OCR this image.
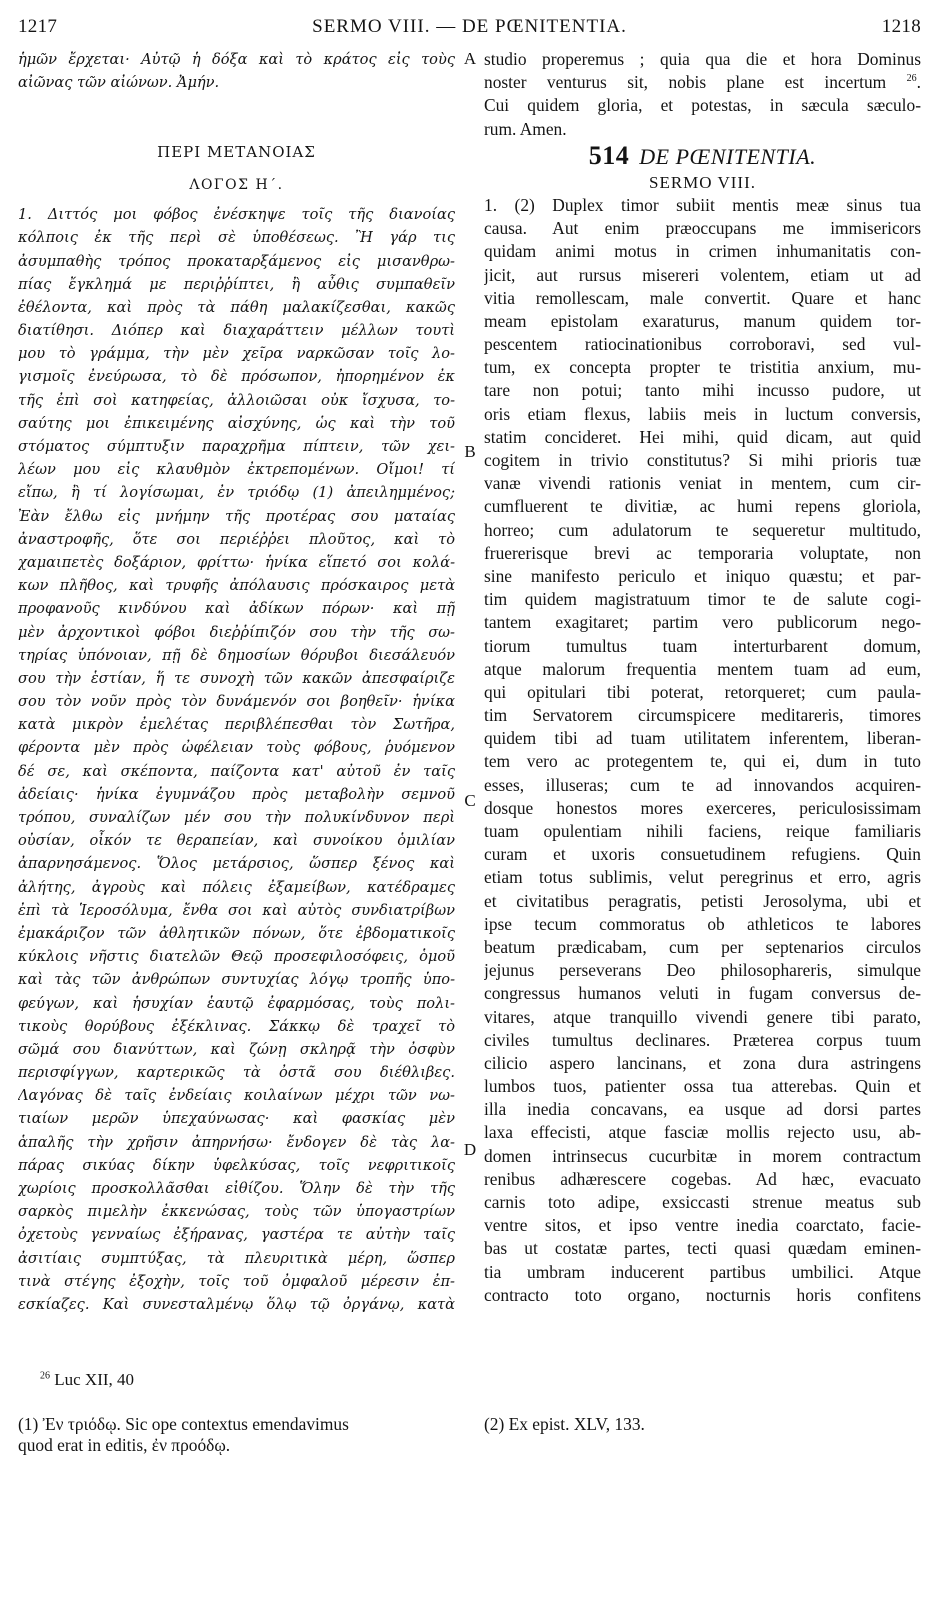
1217	SERMO VIII. — DE PŒNITENTIA.	1218
A
B
C
D
ἡμῶν ἔρχεται· Αὐτῷ ἡ δόξα καὶ τὸ κράτος εἰς τοὺς
αἰῶνας τῶν αἰώνων. Ἀμήν.
ΠΕΡΙ ΜΕΤΑΝΟΙΑΣ
ΛΟΓΟΣ Η΄.
1. Διττός μοι φόβος ἐνέσκηψε τοῖς τῆς διανοίας
κόλποις ἐκ τῆς περὶ σὲ ὑποθέσεως. Ἢ γάρ τις
ἀσυμπαθὴς τρόπος προκαταρξάμενος εἰς μισανθρω-
πίας ἔγκλημά με περιῤῥίπτει, ἢ αὖθις συμπαθεῖν
ἐθέλοντα, καὶ πρὸς τὰ πάθη μαλακίζεσθαι, κακῶς
διατίθησι. Διόπερ καὶ διαχαράττειν μέλλων τουτὶ
μου τὸ γράμμα, τὴν μὲν χεῖρα ναρκῶσαν τοῖς λο-
γισμοῖς ἐνεύρωσα, τὸ δὲ πρόσωπον, ἠπορημένον ἐκ
τῆς ἐπὶ σοὶ κατηφείας, ἀλλοιῶσαι οὐκ ἴσχυσα, το-
σαύτης μοι ἐπικειμένης αἰσχύνης, ὡς καὶ τὴν τοῦ
στόματος σύμπτυξιν παραχρῆμα πίπτειν, τῶν χει-
λέων μου εἰς κλαυθμὸν ἐκτρεπομένων. Οἴμοι! τί
εἴπω, ἢ τί λογίσωμαι, ἐν τριόδῳ (1) ἀπειλημμένος;
Ἐὰν ἔλθω εἰς μνήμην τῆς προτέρας σου ματαίας
ἀναστροφῆς, ὅτε σοι περιέῤῥει πλοῦτος, καὶ τὸ
χαμαιπετὲς δοξάριον, φρίττω· ἡνίκα εἵπετό σοι κολά-
κων πλῆθος, καὶ τρυφῆς ἀπόλαυσις πρόσκαιρος μετὰ
προφανοῦς κινδύνου καὶ ἀδίκων πόρων· καὶ πῇ
μὲν ἀρχοντικοὶ φόβοι διεῤῥίπιζόν σου τὴν τῆς σω-
τηρίας ὑπόνοιαν, πῇ δὲ δημοσίων θόρυβοι διεσάλευόν
σου τὴν ἑστίαν, ἥ τε συνοχὴ τῶν κακῶν ἀπεσφαίριζε
σου τὸν νοῦν πρὸς τὸν δυνάμενόν σοι βοηθεῖν· ἡνίκα
κατὰ μικρὸν ἐμελέτας περιβλέπεσθαι τὸν Σωτῆρα,
φέροντα μὲν πρὸς ὠφέλειαν τοὺς φόβους, ῥυόμενον
δέ σε, καὶ σκέποντα, παίζοντα κατ' αὐτοῦ ἐν ταῖς
ἀδείαις· ἡνίκα ἐγυμνάζου πρὸς μεταβολὴν σεμνοῦ
τρόπου, συναλίζων μέν σου τὴν πολυκίνδυνον περὶ
οὐσίαν, οἶκόν τε θεραπείαν, καὶ συνοίκου ὁμιλίαν
ἀπαρνησάμενος. Ὅλος μετάρσιος, ὥσπερ ξένος καὶ
ἀλήτης, ἀγροὺς καὶ πόλεις ἐξαμείβων, κατέδραμες
ἐπὶ τὰ Ἱεροσόλυμα, ἔνθα σοι καὶ αὐτὸς συνδιατρίβων
ἐμακάριζον τῶν ἀθλητικῶν πόνων, ὅτε ἑβδοματικοῖς
κύκλοις νῆστις διατελῶν Θεῷ προσεφιλοσόφεις, ὁμοῦ
καὶ τὰς τῶν ἀνθρώπων συντυχίας λόγῳ τροπῆς ὑπο-
φεύγων, καὶ ἡσυχίαν ἑαυτῷ ἐφαρμόσας, τοὺς πολι-
τικοὺς θορύβους ἐξέκλινας. Σάκκῳ δὲ τραχεῖ τὸ
σῶμά σου διανύττων, καὶ ζώνῃ σκληρᾷ τὴν ὀσφὺν
περισφίγγων, καρτερικῶς τὰ ὀστᾶ σου διέθλιβες.
Λαγόνας δὲ ταῖς ἐνδείαις κοιλαίνων μέχρι τῶν νω-
τιαίων μερῶν ὑπεχαύνωσας· καὶ φασκίας μὲν
ἁπαλῆς τὴν χρῆσιν ἀπηρνήσω· ἔνδογεν δὲ τὰς λα-
πάρας σικύας δίκην ὑφελκύσας, τοῖς νεφριτικοῖς
χωρίοις προσκολλᾶσθαι εἰθίζου. Ὅλην δὲ τὴν τῆς
σαρκὸς πιμελὴν ἐκκενώσας, τοὺς τῶν ὑπογαστρίων
ὀχετοὺς γενναίως ἐξήρανας, γαστέρα τε αὐτὴν ταῖς
ἀσιτίαις συμπτύξας, τὰ πλευριτικὰ μέρη, ὥσπερ
τινὰ στέγης ἐξοχὴν, τοῖς τοῦ ὀμφαλοῦ μέρεσιν ἐπ-
εσκίαζες. Καὶ συνεσταλμένῳ ὅλῳ τῷ ὀργάνῳ, κατὰ
studio properemus ; quia qua die et hora Dominus
noster venturus sit, nobis plane est incertum $^{26}$.
Cui quidem gloria, et potestas, in sæcula sæculo-
rum. Amen.
514 DE PŒNITENTIA.
SERMO VIII.
1. (2) Duplex timor subiit mentis meæ sinus tua
causa. Aut enim præoccupans me immisericors
quidam animi motus in crimen inhumanitatis con-
jicit, aut rursus misereri volentem, etiam ut ad
vitia remollescam, male convertit. Quare et hanc
meam epistolam exaraturus, manum quidem tor-
pescentem ratiocinationibus corroboravi, sed vul-
tum, ex concepta propter te tristitia anxium, mu-
tare non potui; tanto mihi incusso pudore, ut
oris etiam flexus, labiis meis in luctum conversis,
statim concideret. Hei mihi, quid dicam, aut quid
cogitem in trivio constitutus? Si mihi prioris tuæ
vanæ vivendi rationis veniat in mentem, cum cir-
cumfluerent te divitiæ, ac humi repens gloriola,
horreo; cum adulatorum te sequeretur multitudo,
fruererisque brevi ac temporaria voluptate, non
sine manifesto periculo et iniquo quæstu; et par-
tim quidem magistratuum timor te de salute cogi-
tantem exagitaret; partim vero publicorum nego-
tiorum tumultus tuam interturbarent domum,
atque malorum frequentia mentem tuam ad eum,
qui opitulari tibi poterat, retorqueret; cum paula-
tim Servatorem circumspicere meditareris, timores
quidem tibi ad tuam utilitatem inferentem, liberan-
tem vero ac protegentem te, qui ei, dum in tuto
esses, illuseras; cum te ad innovandos acquiren-
dosque honestos mores exerceres, periculosissimam
tuam opulentiam nihili faciens, reique familiaris
curam et uxoris consuetudinem refugiens. Quin
etiam totus sublimis, velut peregrinus et erro, agris
et civitatibus peragratis, petisti Jerosolyma, ubi et
ipse tecum commoratus ob athleticos te labores
beatum prædicabam, cum per septenarios circulos
jejunus perseverans Deo philosophareris, simulque
congressus humanos veluti in fugam conversus de-
vitares, atque tranquillo vivendi genere tibi parato,
civiles tumultus declinares. Præterea corpus tuum
cilicio aspero lancinans, et zona dura astringens
lumbos tuos, patienter ossa tua atterebas. Quin et
illa inedia concavans, ea usque ad dorsi partes
laxa effecisti, atque fasciæ mollis rejecto usu, ab-
domen intrinsecus cucurbitæ in morem contractum
renibus adhærescere cogebas. Ad hæc, evacuato
carnis toto adipe, exsiccasti strenue meatus sub
ventre sitos, et ipso ventre inedia coarctato, facie-
bas ut costatæ partes, tecti quasi quædam eminen-
tia umbram inducerent partibus umbilici. Atque
contracto toto organo, nocturnis horis confitens
$^{26}$ Luc XII, 40
(1) Ἐν τριόδῳ. Sic ope contextus emendavimus
quod erat in editis, ἐν προόδῳ.
(2) Ex epist. XLV, 133.
